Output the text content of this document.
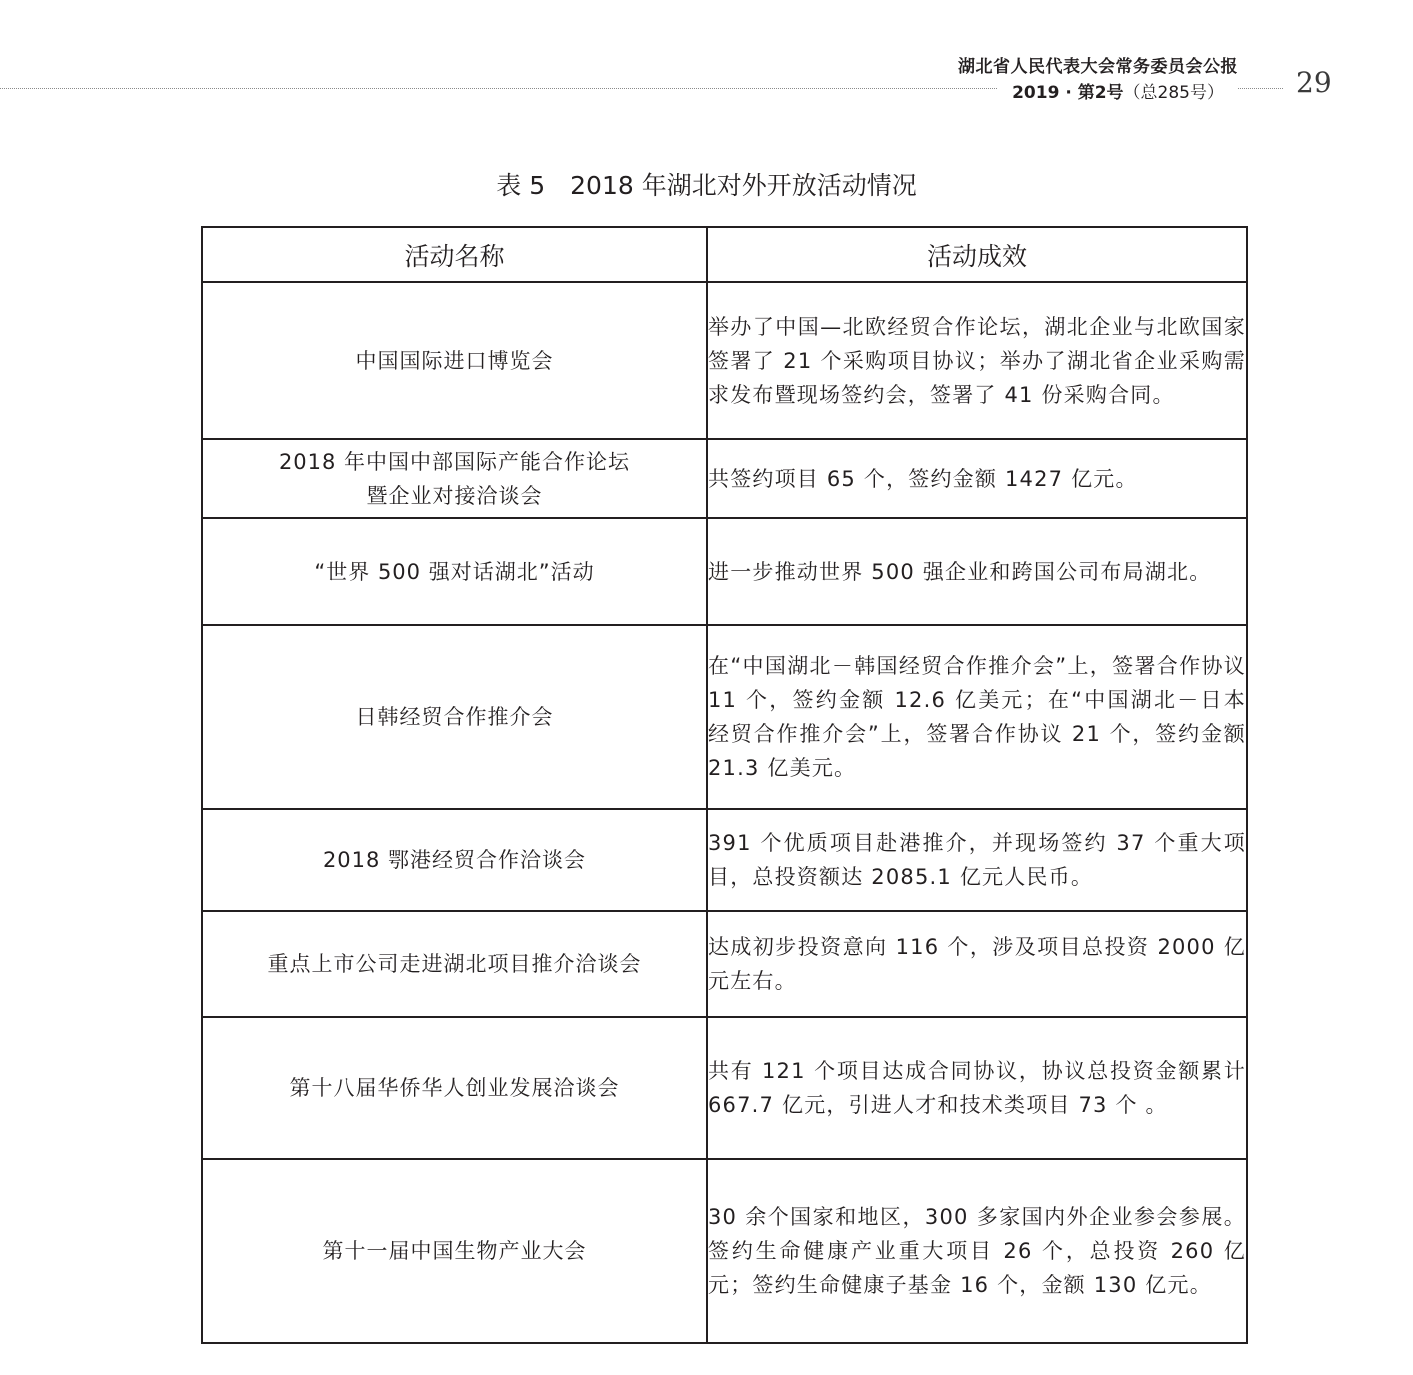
湖北省人民代表大会常务委员会公报
2019 · 第2号（总285号）	29
表 5　2018 年湖北对外开放活动情况
活动名称	活动成效

中国国际进口博览会	举办了中国—北欧经贸合作论坛，湖北企业与北欧国家签署了 21 个采购项目协议；举办了湖北省企业采购需求发布暨现场签约会，签署了 41 份采购合同。

2018 年中国中部国际产能合作论坛
暨企业对接洽谈会	共签约项目 65 个，签约金额 1427 亿元。

“世界 500 强对话湖北”活动	进一步推动世界 500 强企业和跨国公司布局湖北。

日韩经贸合作推介会	在“中国湖北－韩国经贸合作推介会”上，签署合作协议 11 个，签约金额 12.6 亿美元；在“中国湖北－日本经贸合作推介会”上，签署合作协议 21 个，签约金额 21.3 亿美元。

2018 鄂港经贸合作洽谈会	391 个优质项目赴港推介，并现场签约 37 个重大项目，总投资额达 2085.1 亿元人民币。

重点上市公司走进湖北项目推介洽谈会	达成初步投资意向 116 个，涉及项目总投资 2000 亿元左右。

第十八届华侨华人创业发展洽谈会	共有 121 个项目达成合同协议，协议总投资金额累计 667.7 亿元，引进人才和技术类项目 73 个 。

第十一届中国生物产业大会	30 余个国家和地区，300 多家国内外企业参会参展。签约生命健康产业重大项目 26 个，总投资 260 亿元；签约生命健康子基金 16 个，金额 130 亿元。
